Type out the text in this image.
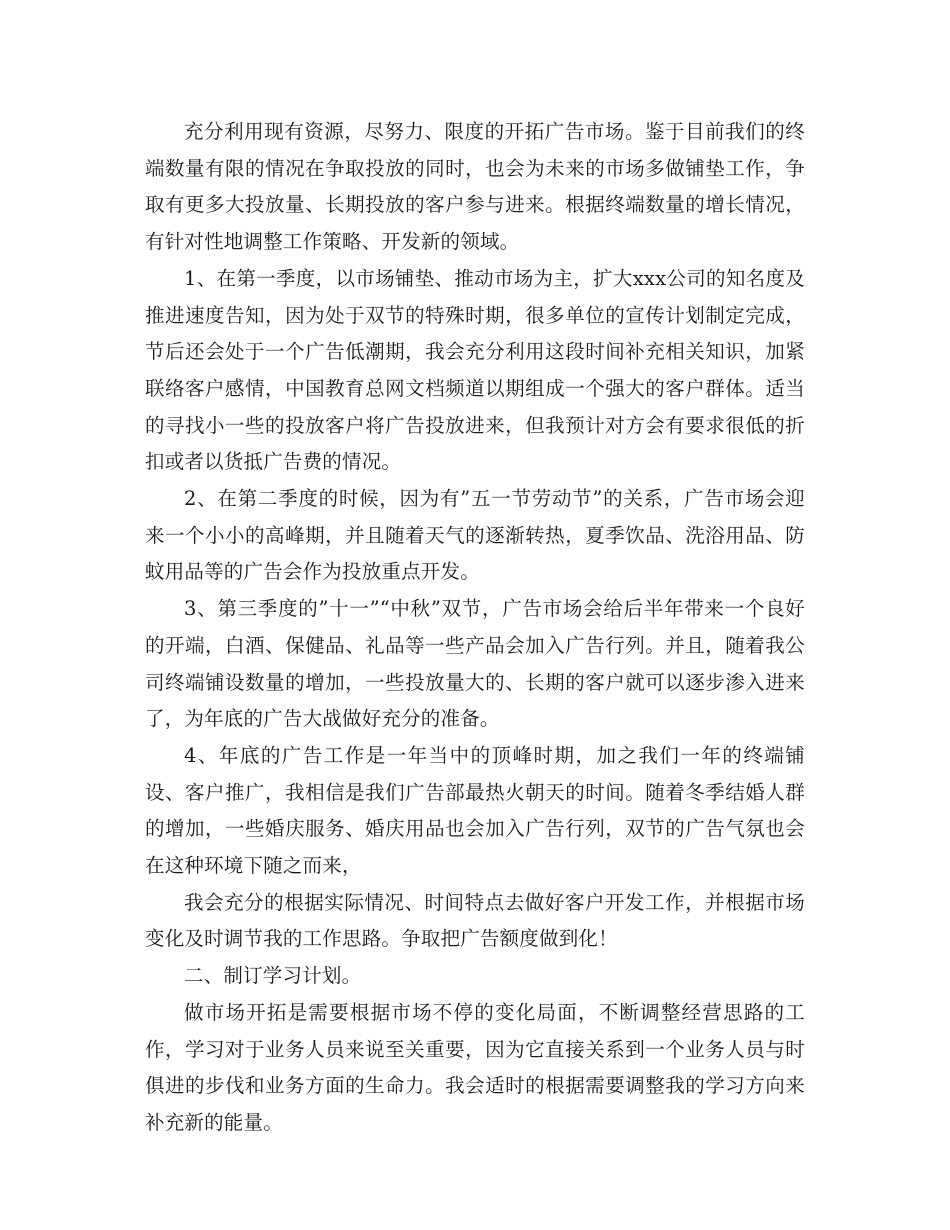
充分利用现有资源，尽努力、限度的开拓广告市场。鉴于目前我们的终端数量有限的情况在争取投放的同时，也会为未来的市场多做铺垫工作，争取有更多大投放量、长期投放的客户参与进来。根据终端数量的增长情况，有针对性地调整工作策略、开发新的领域。

1、在第一季度，以市场铺垫、推动市场为主，扩大xxx公司的知名度及推进速度告知，因为处于双节的特殊时期，很多单位的宣传计划制定完成，节后还会处于一个广告低潮期，我会充分利用这段时间补充相关知识，加紧联络客户感情，中国教育总网文档频道以期组成一个强大的客户群体。适当的寻找小一些的投放客户将广告投放进来，但我预计对方会有要求很低的折扣或者以货抵广告费的情况。

2、在第二季度的时候，因为有”五一节劳动节”的关系，广告市场会迎来一个小小的高峰期，并且随着天气的逐渐转热，夏季饮品、洗浴用品、防蚊用品等的广告会作为投放重点开发。

3、第三季度的”十一”“中秋”双节，广告市场会给后半年带来一个良好的开端，白酒、保健品、礼品等一些产品会加入广告行列。并且，随着我公司终端铺设数量的增加，一些投放量大的、长期的客户就可以逐步渗入进来了，为年底的广告大战做好充分的准备。

4、年底的广告工作是一年当中的顶峰时期，加之我们一年的终端铺设、客户推广，我相信是我们广告部最热火朝天的时间。随着冬季结婚人群的增加，一些婚庆服务、婚庆用品也会加入广告行列，双节的广告气氛也会在这种环境下随之而来，

我会充分的根据实际情况、时间特点去做好客户开发工作，并根据市场变化及时调节我的工作思路。争取把广告额度做到化！

二、制订学习计划。

做市场开拓是需要根据市场不停的变化局面，不断调整经营思路的工作，学习对于业务人员来说至关重要，因为它直接关系到一个业务人员与时俱进的步伐和业务方面的生命力。我会适时的根据需要调整我的学习方向来补充新的能量。
